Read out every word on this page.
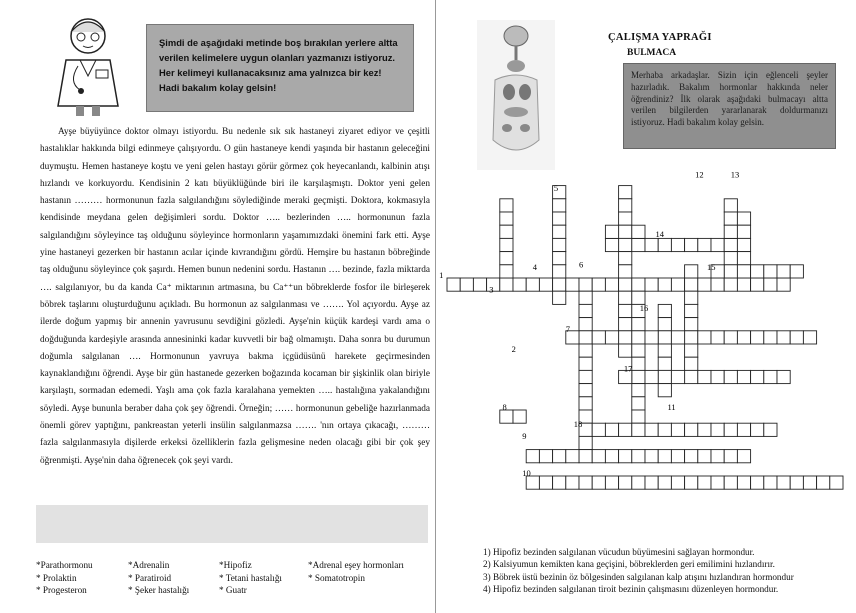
Şimdi de aşağıdaki metinde boş bırakılan yerlere altta verilen kelimelere uygun olanları yazmanızı istiyoruz. Her kelimeyi kullanacaksınız ama yalnızca bir kez! Hadi bakalım kolay gelsin!

Ayşe büyüyünce doktor olmayı istiyordu. Bu nedenle sık sık hastaneyi ziyaret ediyor ve çeşitli hastalıklar hakkında bilgi edinmeye çalışıyordu. O gün hastaneye kendi yaşında bir hastanın geleceğini duymuştu. Hemen hastaneye koştu ve yeni gelen hastayı görür görmez çok heyecanlandı, kalbinin atışı hızlandı ve korkuyordu. Kendisinin 2 katı büyüklüğünde biri ile karşılaşmıştı. Doktor yeni gelen hastanın ……… hormonunun fazla salgılandığını söylediğinde meraki geçmişti. Doktora, kokmasıyla kendisinde meydana gelen değişimleri sordu. Doktor ….. bezlerinden ….. hormonunun fazla salgılandığını söyleyince taş olduğunu söyleyince hormonların yaşamımızdaki önemini fark etti. Ayşe yine hastaneyi gezerken bir hastanın acılar içinde kıvrandığını gördü. Hemşire bu hastanın böbreğinde taş olduğunu söyleyince çok şaşırdı. Hemen bunun nedenini sordu. Hastanın …. bezinde, fazla miktarda …. salgılanıyor, bu da kanda Ca⁺ miktarının artmasına, bu Ca⁺⁺un böbreklerde fosfor ile birleşerek böbrek taşlarını oluşturduğunu açıkladı. Bu hormonun az salgılanması ve ……. Yol açıyordu. Ayşe az ilerde doğum yapmış bir annenin yavrusunu sevdiğini gözledi. Ayşe'nin küçük kardeşi vardı ama o doğduğunda kardeşiyle arasında annesininki kadar kuvvetli bir bağ olmamıştı. Daha sonra bu durumun doğumla salgılanan …. Hormonunun yavruya bakma içgüdüsünü harekete geçirmesinden kaynaklandığını öğrendi. Ayşe bir gün hastanede gezerken boğazında kocaman bir şişkinlik olan biriyle karşılaştı, sormadan edemedi. Yaşlı ama çok fazla karalahana yemekten ….. hastalığına yakalandığını söyledi. Ayşe bununla beraber daha çok şey öğrendi. Örneğin; …… hormonunun gebeliğe hazırlanmada önemli görev yaptığını, pankreastan yeterli insülin salgılanmazsa ……. 'nın ortaya çıkacağı, ……… fazla salgılanmasıyla dişilerde erkeksi özelliklerin fazla gelişmesine neden olacağı gibi bir çok şey öğrenmişti. Ayşe'nin daha öğrenecek çok şeyi vardı.

*Parathormonu
* Prolaktin
* Progesteron
*Adrenalin
* Paratiroid
* Şeker hastalığı
*Hipofiz
* Tetani hastalığı
* Guatr
*Adrenal eşey hormonları
* Somatotropin
ÇALIŞMA YAPRAĞI
BULMACA
Merhaba arkadaşlar. Sizin için eğlenceli şeyler hazırladık. Bakalım hormonlar hakkında neler öğrendiniz? İlk olarak aşağıdaki bulmacayı altta verilen bilgilerden yararlanarak doldurmanızı istiyoruz. Hadi bakalım kolay gelsin.
1
2
3
4
5
6
7
8
9
10
11
12	13
14
15
16
17
18
1) Hipofiz bezinden salgılanan vücudun büyümesini sağlayan hormondur.
2) Kalsiyumun kemikten kana geçişini, böbreklerden geri emilimini hızlandırır.
3) Böbrek üstü bezinin öz bölgesinden salgılanan kalp atışını hızlandıran hormondur
4) Hipofiz bezinden salgılanan tiroit bezinin çalışmasını düzenleyen hormondur.
